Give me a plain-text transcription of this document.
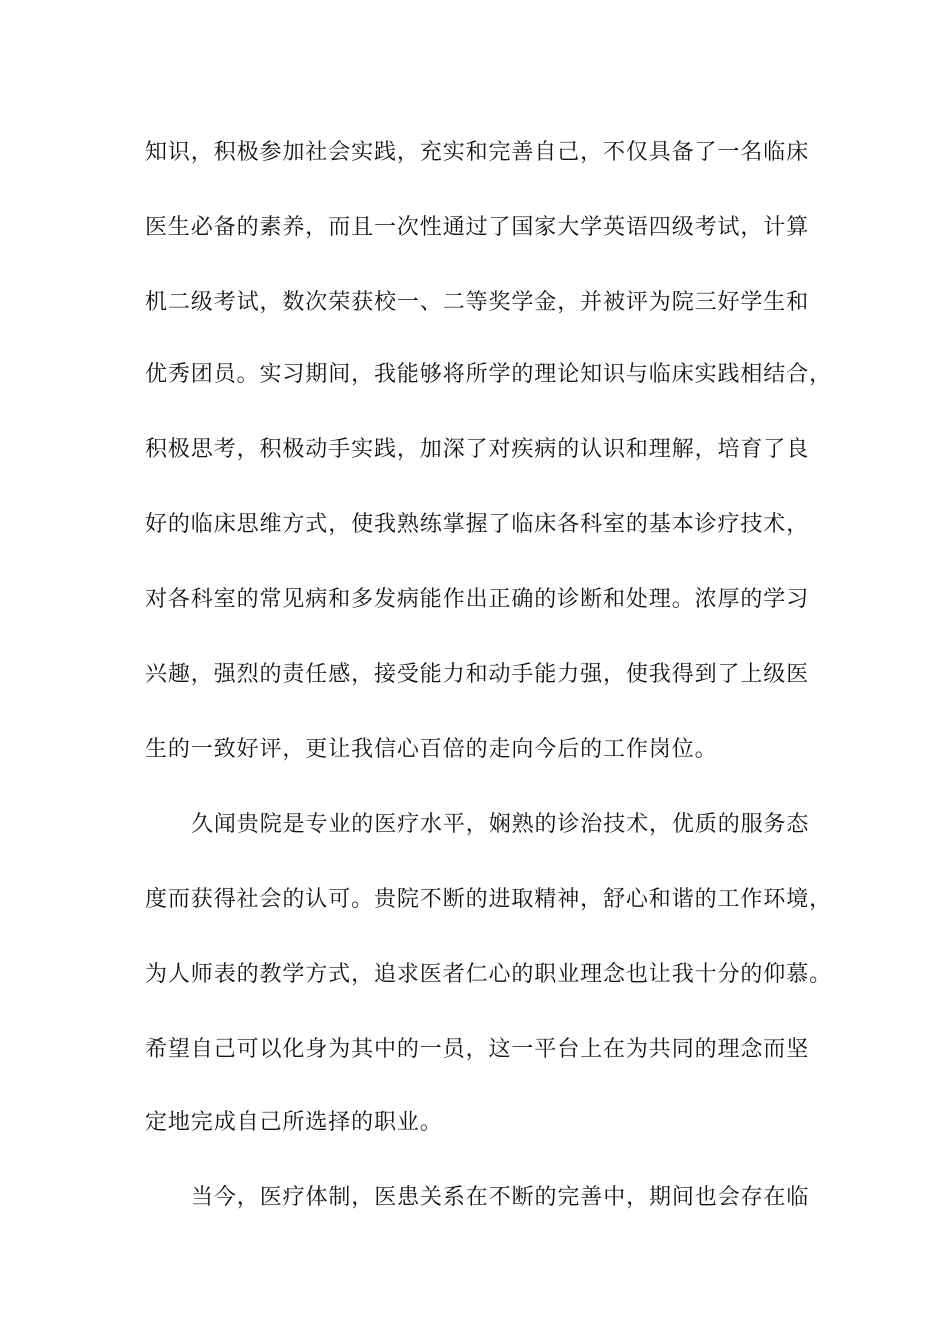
知识，积极参加社会实践，充实和完善自己，不仅具备了一名临床
医生必备的素养，而且一次性通过了国家大学英语四级考试，计算
机二级考试，数次荣获校一、二等奖学金，并被评为院三好学生和
优秀团员。实习期间，我能够将所学的理论知识与临床实践相结合，
积极思考，积极动手实践，加深了对疾病的认识和理解，培育了良
好的临床思维方式，使我熟练掌握了临床各科室的基本诊疗技术，
对各科室的常见病和多发病能作出正确的诊断和处理。浓厚的学习
兴趣，强烈的责任感，接受能力和动手能力强，使我得到了上级医
生的一致好评，更让我信心百倍的走向今后的工作岗位。
久闻贵院是专业的医疗水平，娴熟的诊治技术，优质的服务态
度而获得社会的认可。贵院不断的进取精神，舒心和谐的工作环境，
为人师表的教学方式，追求医者仁心的职业理念也让我十分的仰慕。
希望自己可以化身为其中的一员，这一平台上在为共同的理念而坚
定地完成自己所选择的职业。
当今，医疗体制，医患关系在不断的完善中，期间也会存在临
